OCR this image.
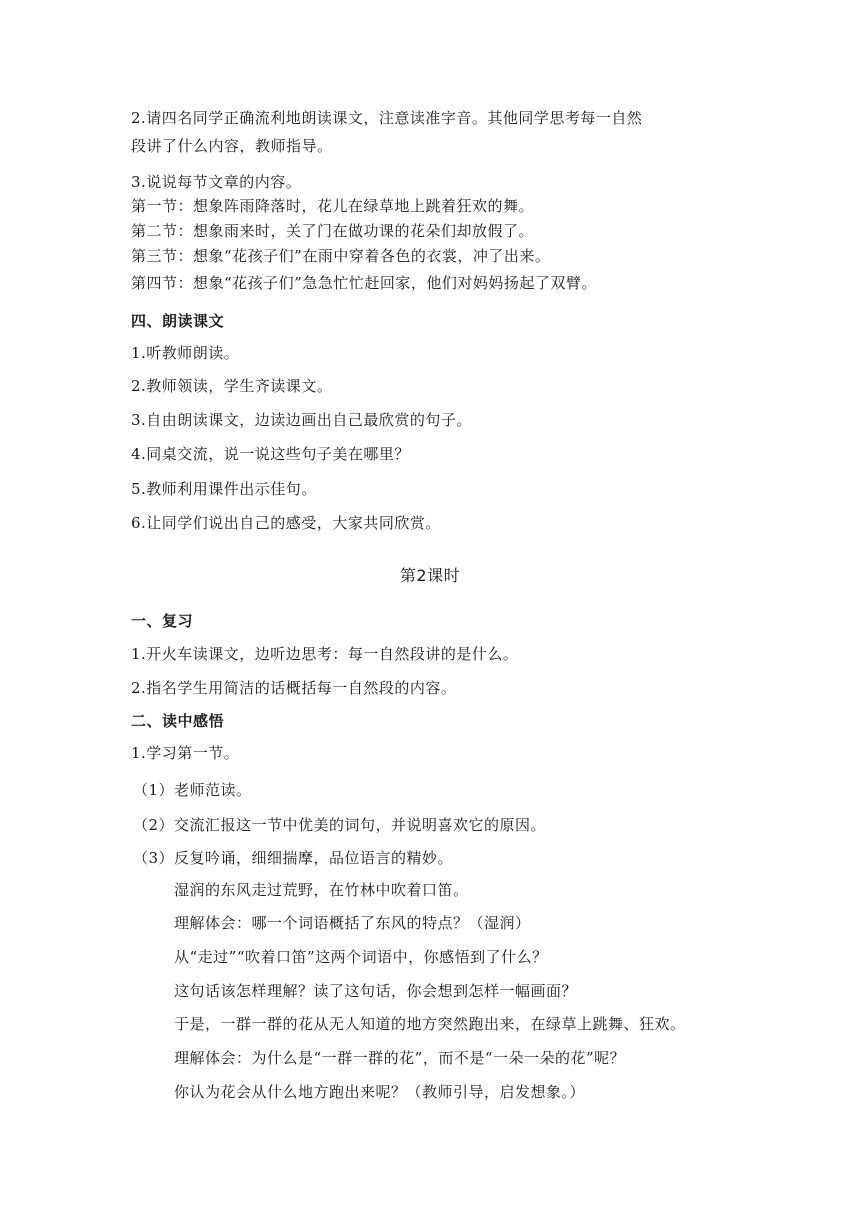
2.请四名同学正确流利地朗读课文，注意读准字音。其他同学思考每一自然
段讲了什么内容，教师指导。
3.说说每节文章的内容。
第一节：想象阵雨降落时，花儿在绿草地上跳着狂欢的舞。
第二节：想象雨来时，关了门在做功课的花朵们却放假了。
第三节：想象“花孩子们”在雨中穿着各色的衣裳，冲了出来。
第四节：想象“花孩子们”急急忙忙赶回家，他们对妈妈扬起了双臂。
四、朗读课文
1.听教师朗读。
2.教师领读，学生齐读课文。
3.自由朗读课文，边读边画出自己最欣赏的句子。
4.同桌交流，说一说这些句子美在哪里？
5.教师利用课件出示佳句。
6.让同学们说出自己的感受，大家共同欣赏。
第2课时
一、复习
1.开火车读课文，边听边思考：每一自然段讲的是什么。
2.指名学生用简洁的话概括每一自然段的内容。
二、读中感悟
1.学习第一节。
（1）老师范读。
（2）交流汇报这一节中优美的词句，并说明喜欢它的原因。
（3）反复吟诵，细细揣摩，品位语言的精妙。
湿润的东风走过荒野，在竹林中吹着口笛。
理解体会：哪一个词语概括了东风的特点？（湿润）
从“走过”“吹着口笛”这两个词语中，你感悟到了什么？
这句话该怎样理解？读了这句话，你会想到怎样一幅画面？
于是，一群一群的花从无人知道的地方突然跑出来，在绿草上跳舞、狂欢。
理解体会：为什么是“一群一群的花”，而不是“一朵一朵的花”呢？
你认为花会从什么地方跑出来呢？（教师引导，启发想象。）
